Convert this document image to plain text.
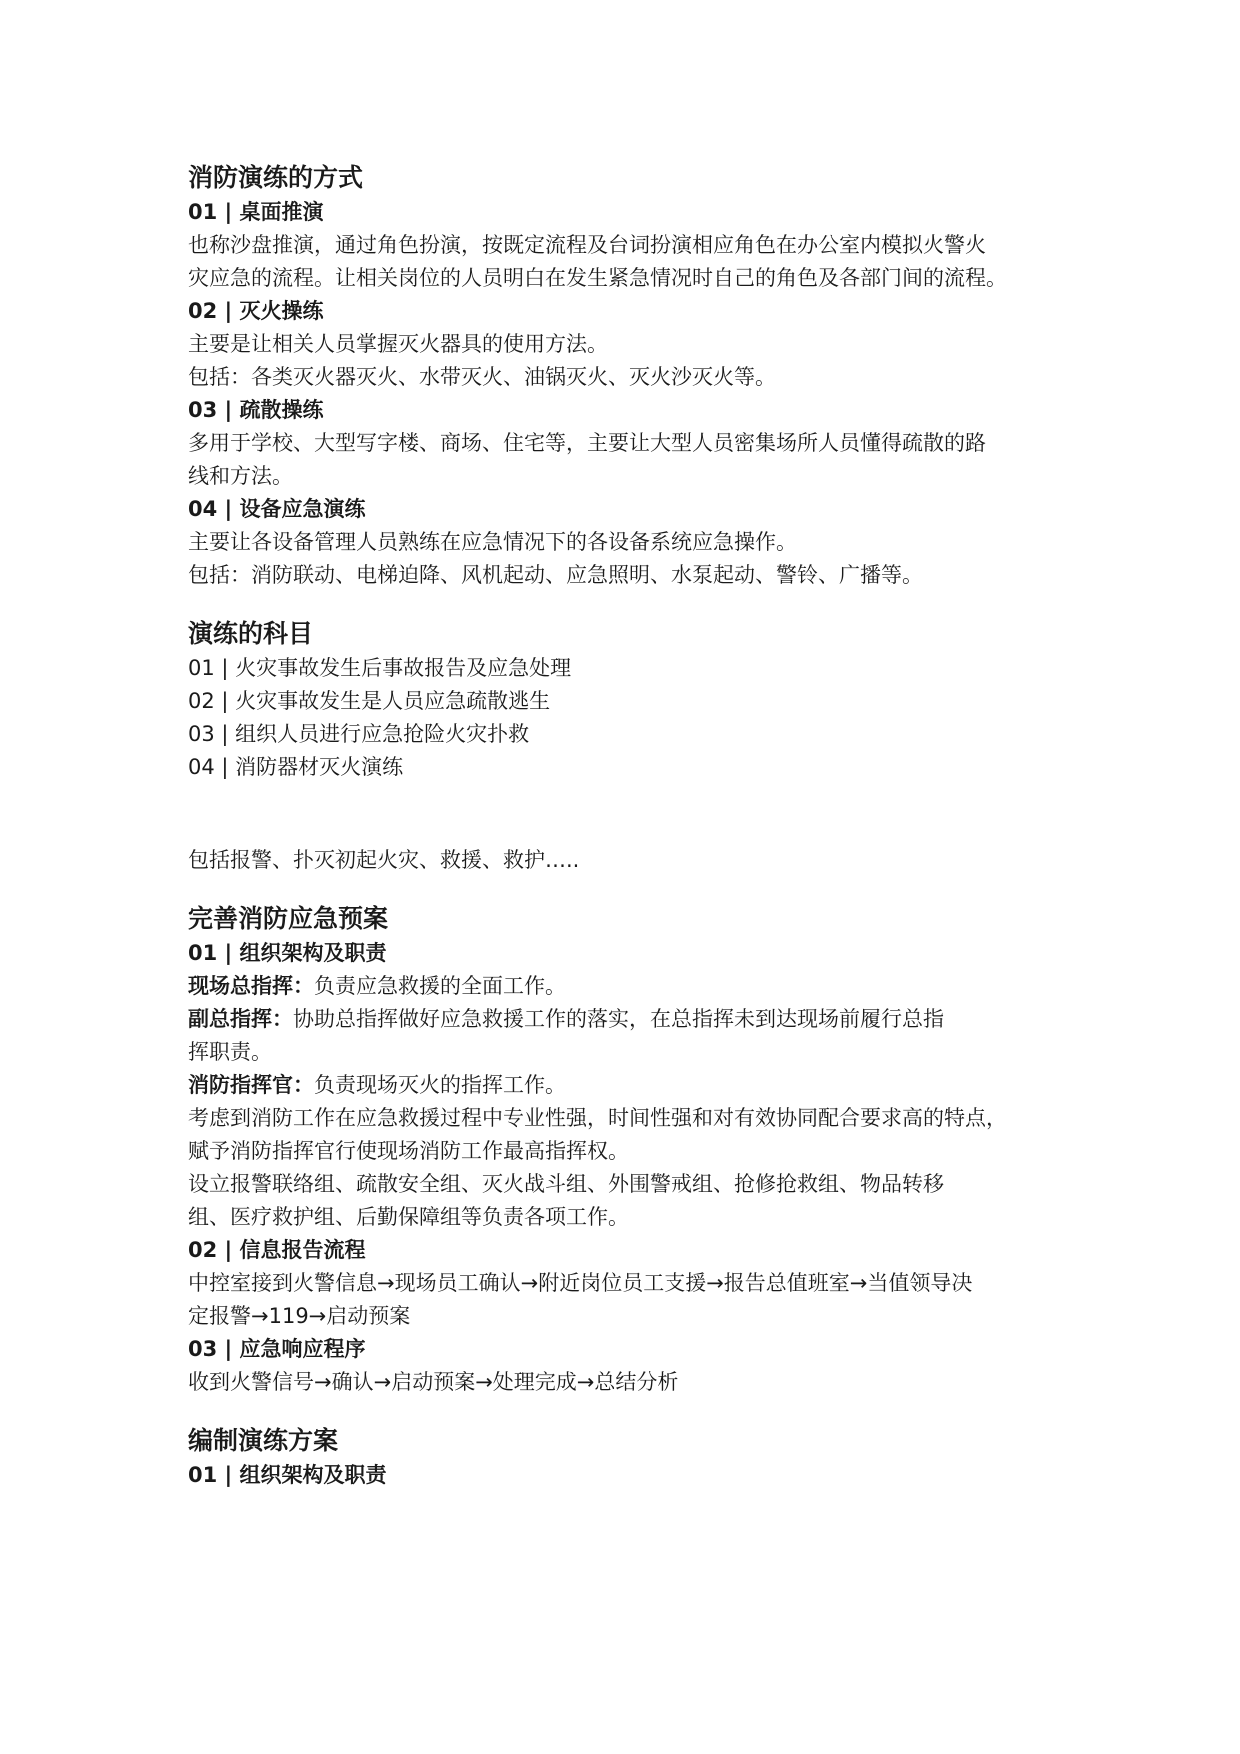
消防演练的方式
01 | 桌面推演
也称沙盘推演，通过角色扮演，按既定流程及台词扮演相应角色在办公室内模拟火警火
灾应急的流程。让相关岗位的人员明白在发生紧急情况时自己的角色及各部门间的流程。
02 | 灭火操练
主要是让相关人员掌握灭火器具的使用方法。
包括：各类灭火器灭火、水带灭火、油锅灭火、灭火沙灭火等。
03 | 疏散操练
多用于学校、大型写字楼、商场、住宅等，主要让大型人员密集场所人员懂得疏散的路
线和方法。
04 | 设备应急演练
主要让各设备管理人员熟练在应急情况下的各设备系统应急操作。
包括：消防联动、电梯迫降、风机起动、应急照明、水泵起动、警铃、广播等。
演练的科目
01 | 火灾事故发生后事故报告及应急处理
02 | 火灾事故发生是人员应急疏散逃生
03 | 组织人员进行应急抢险火灾扑救
04 | 消防器材灭火演练
包括报警、扑灭初起火灾、救援、救护…..
完善消防应急预案
01 | 组织架构及职责
现场总指挥：负责应急救援的全面工作。
副总指挥：协助总指挥做好应急救援工作的落实，在总指挥未到达现场前履行总指
挥职责。
消防指挥官：负责现场灭火的指挥工作。
考虑到消防工作在应急救援过程中专业性强，时间性强和对有效协同配合要求高的特点，
赋予消防指挥官行使现场消防工作最高指挥权。
设立报警联络组、疏散安全组、灭火战斗组、外围警戒组、抢修抢救组、物品转移
组、医疗救护组、后勤保障组等负责各项工作。
02 | 信息报告流程
中控室接到火警信息→现场员工确认→附近岗位员工支援→报告总值班室→当值领导决
定报警→119→启动预案
03 | 应急响应程序
收到火警信号→确认→启动预案→处理完成→总结分析
编制演练方案
01 | 组织架构及职责
